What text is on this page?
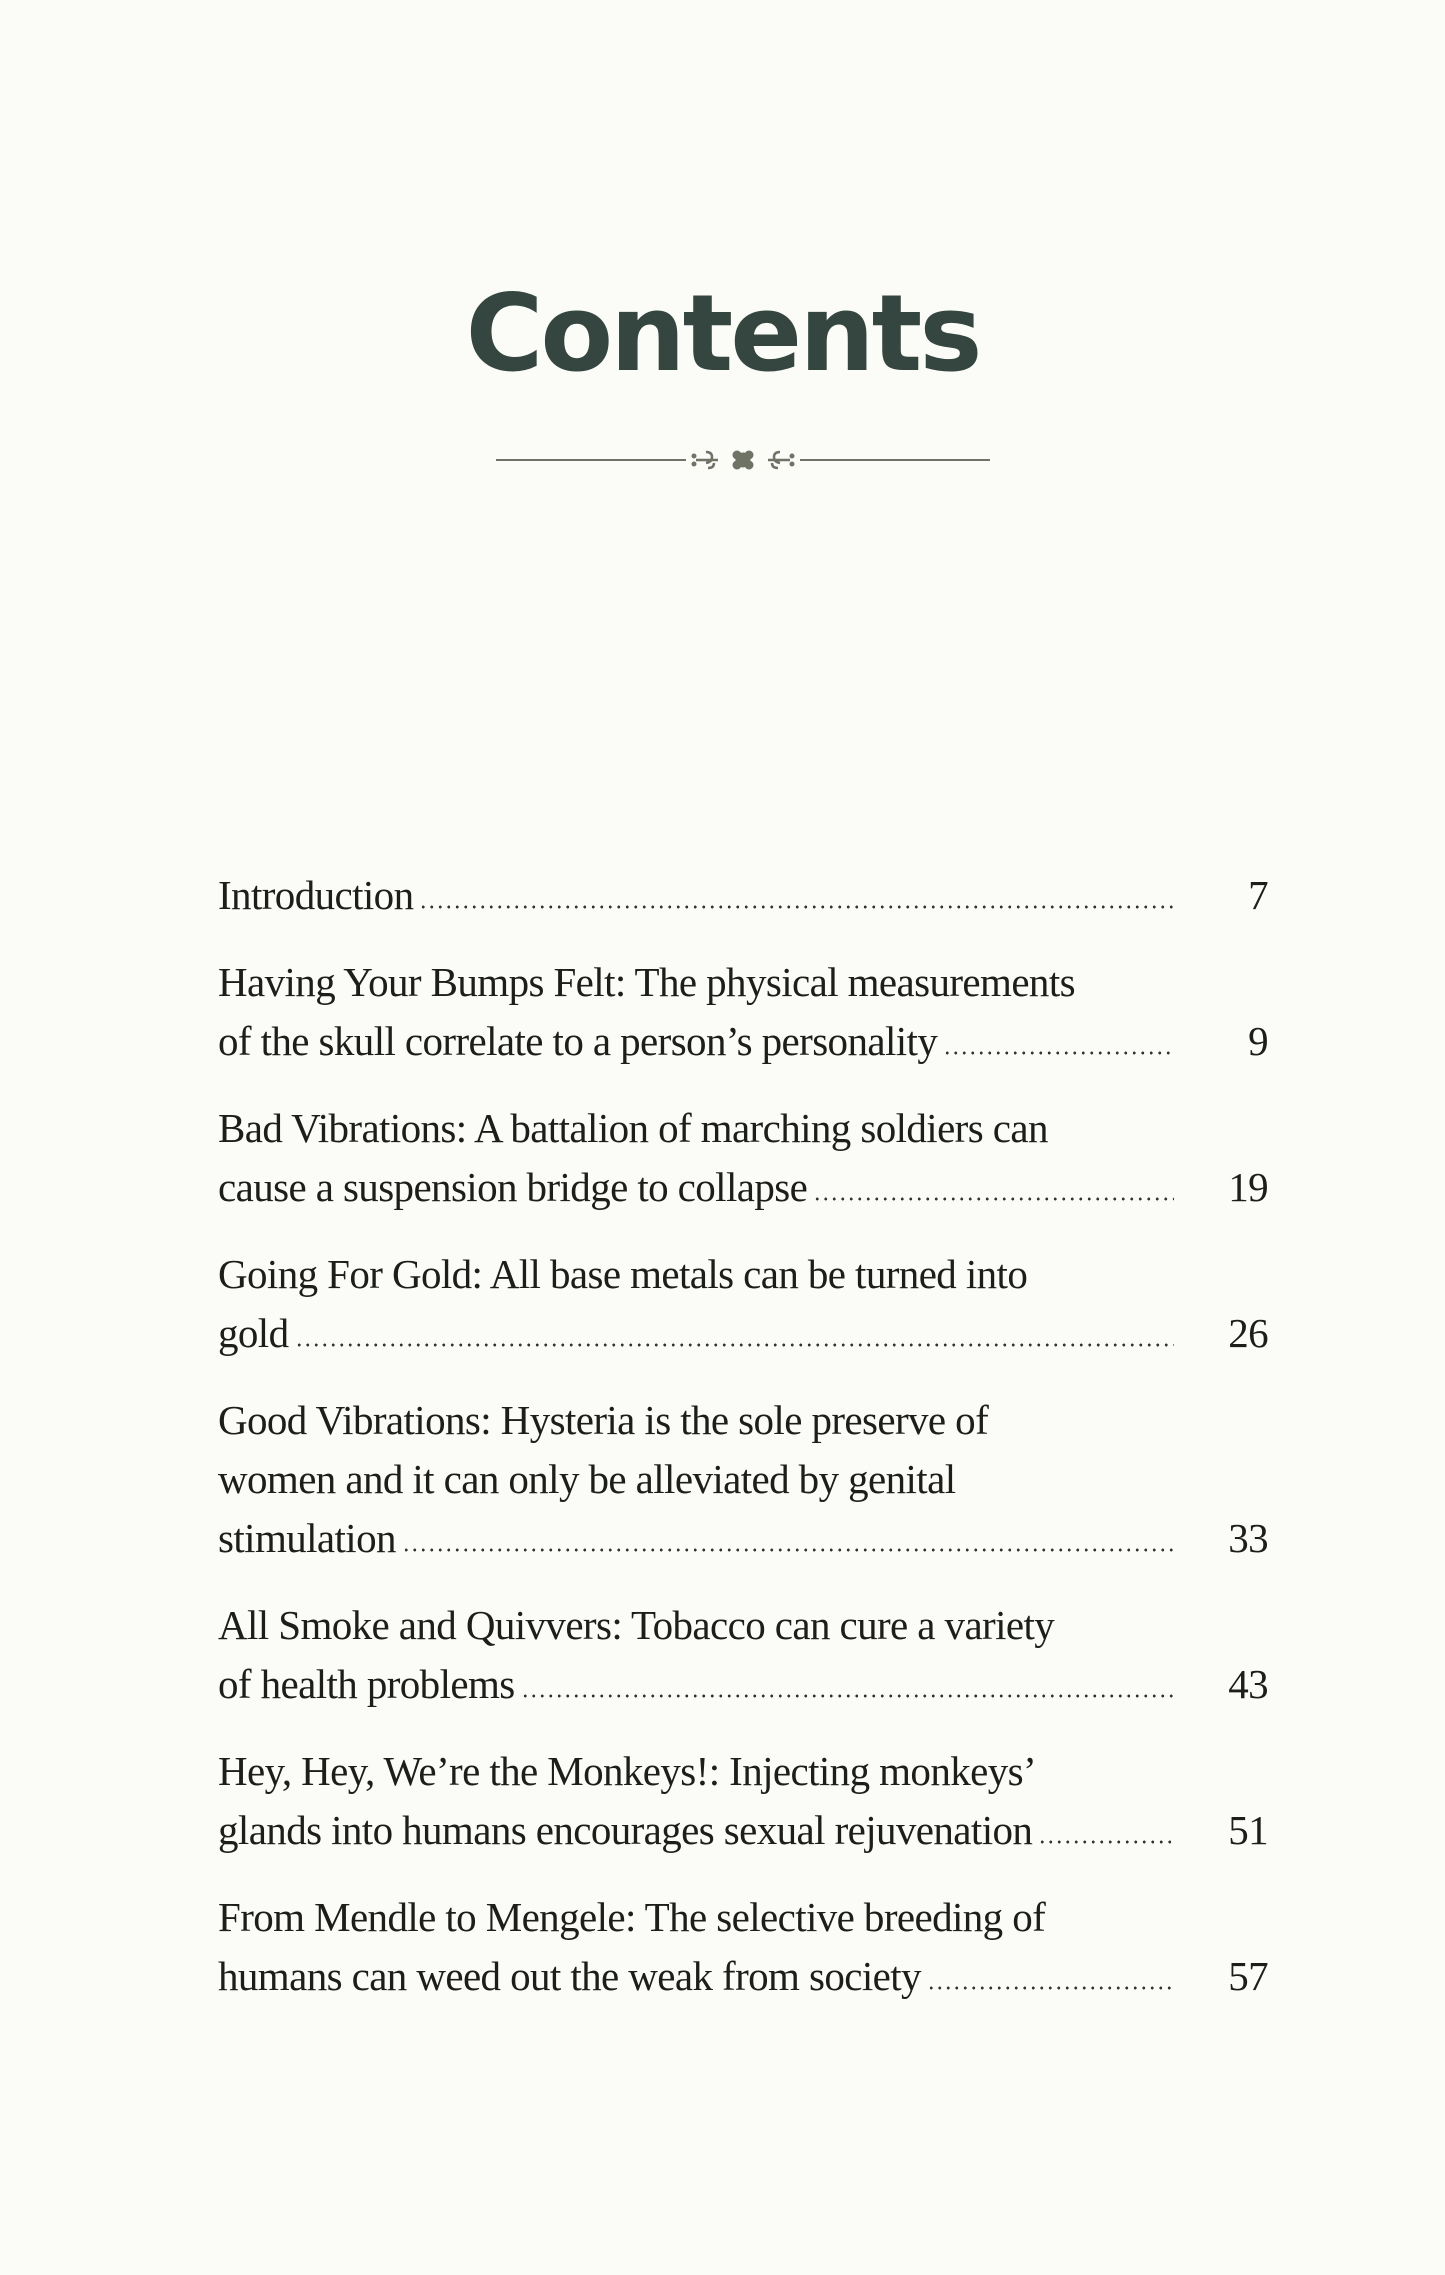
Contents
Introduction	7
Having Your Bumps Felt: The physical measurements
of the skull correlate to a person’s personality	9
Bad Vibrations: A battalion of marching soldiers can
cause a suspension bridge to collapse	19
Going For Gold: All base metals can be turned into
gold	26
Good Vibrations: Hysteria is the sole preserve of
women and it can only be alleviated by genital
stimulation	33
All Smoke and Quivvers: Tobacco can cure a variety
of health problems	43
Hey, Hey, We’re the Monkeys!: Injecting monkeys’
glands into humans encourages sexual rejuvenation	51
From Mendle to Mengele: The selective breeding of
humans can weed out the weak from society	57
